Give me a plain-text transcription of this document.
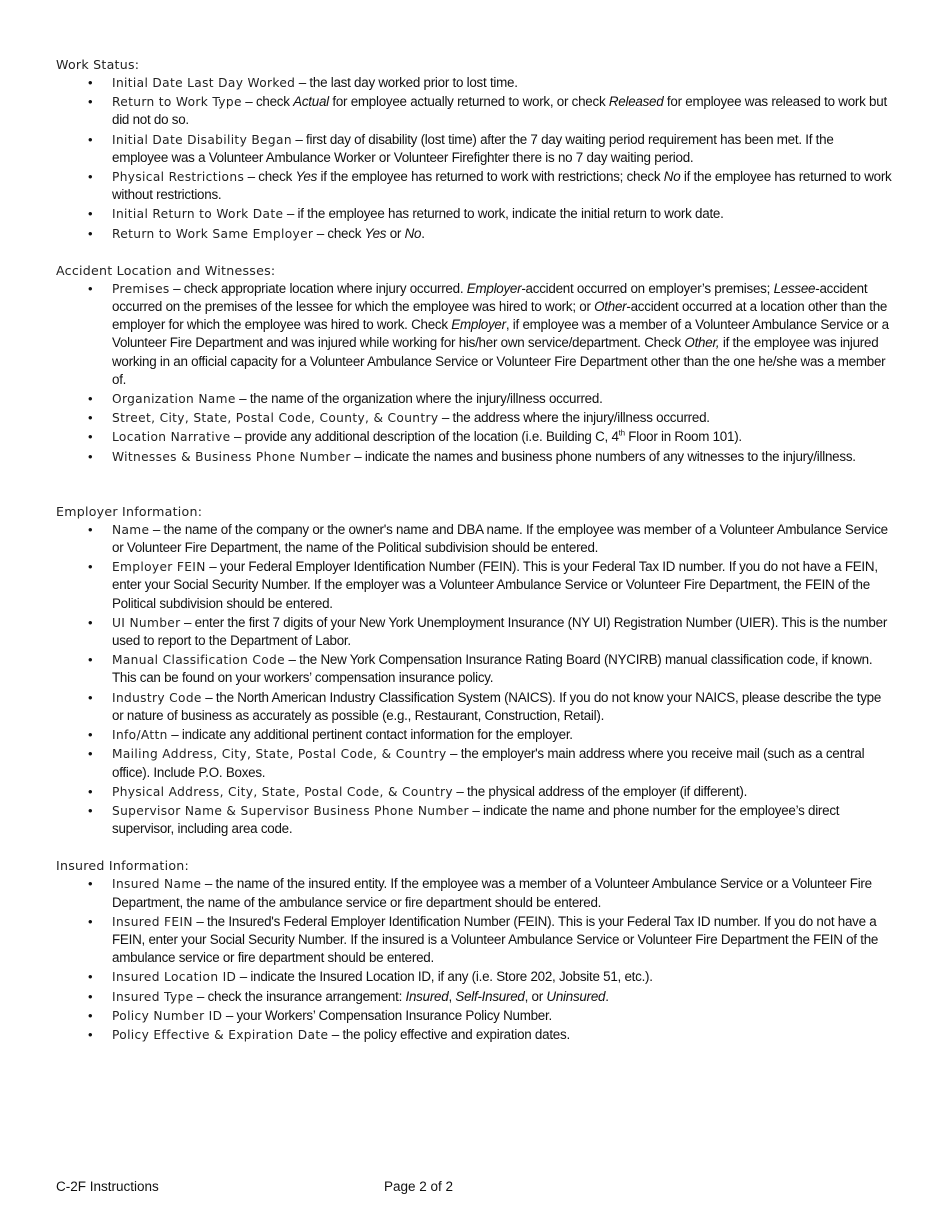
Work Status:

• Initial Date Last Day Worked – the last day worked prior to lost time.
• Return to Work Type – check Actual for employee actually returned to work, or check Released for employee was released to work but did not do so.
• Initial Date Disability Began – first day of disability (lost time) after the 7 day waiting period requirement has been met. If the employee was a Volunteer Ambulance Worker or Volunteer Firefighter there is no 7 day waiting period.
• Physical Restrictions – check Yes if the employee has returned to work with restrictions; check No if the employee has returned to work without restrictions.
• Initial Return to Work Date – if the employee has returned to work, indicate the initial return to work date.
• Return to Work Same Employer – check Yes or No.

Accident Location and Witnesses:

• Premises – check appropriate location where injury occurred. Employer-accident occurred on employer’s premises; Lessee-accident occurred on the premises of the lessee for which the employee was hired to work; or Other-accident occurred at a location other than the employer for which the employee was hired to work. Check Employer, if employee was a member of a Volunteer Ambulance Service or a Volunteer Fire Department and was injured while working for his/her own service/department. Check Other, if the employee was injured working in an official capacity for a Volunteer Ambulance Service or Volunteer Fire Department other than the one he/she was a member of.
• Organization Name – the name of the organization where the injury/illness occurred.
• Street, City, State, Postal Code, County, & Country – the address where the injury/illness occurred.
• Location Narrative – provide any additional description of the location (i.e. Building C, 4th Floor in Room 101).
• Witnesses & Business Phone Number – indicate the names and business phone numbers of any witnesses to the injury/illness.

Employer Information:

• Name – the name of the company or the owner's name and DBA name. If the employee was member of a Volunteer Ambulance Service or Volunteer Fire Department, the name of the Political subdivision should be entered.
• Employer FEIN – your Federal Employer Identification Number (FEIN). This is your Federal Tax ID number. If you do not have a FEIN, enter your Social Security Number. If the employer was a Volunteer Ambulance Service or Volunteer Fire Department, the FEIN of the Political subdivision should be entered.
• UI Number – enter the first 7 digits of your New York Unemployment Insurance (NY UI) Registration Number (UIER). This is the number used to report to the Department of Labor.
• Manual Classification Code – the New York Compensation Insurance Rating Board (NYCIRB) manual classification code, if known. This can be found on your workers’ compensation insurance policy.
• Industry Code – the North American Industry Classification System (NAICS). If you do not know your NAICS, please describe the type or nature of business as accurately as possible (e.g., Restaurant, Construction, Retail).
• Info/Attn – indicate any additional pertinent contact information for the employer.
• Mailing Address, City, State, Postal Code, & Country – the employer's main address where you receive mail (such as a central office). Include P.O. Boxes.
• Physical Address, City, State, Postal Code, & Country – the physical address of the employer (if different).
• Supervisor Name & Supervisor Business Phone Number – indicate the name and phone number for the employee’s direct supervisor, including area code.

Insured Information:

• Insured Name – the name of the insured entity. If the employee was a member of a Volunteer Ambulance Service or a Volunteer Fire Department, the name of the ambulance service or fire department should be entered.
• Insured FEIN – the Insured's Federal Employer Identification Number (FEIN). This is your Federal Tax ID number. If you do not have a FEIN, enter your Social Security Number. If the insured is a Volunteer Ambulance Service or Volunteer Fire Department the FEIN of the ambulance service or fire department should be entered.
• Insured Location ID – indicate the Insured Location ID, if any (i.e. Store 202, Jobsite 51, etc.).
• Insured Type – check the insurance arrangement: Insured, Self-Insured, or Uninsured.
• Policy Number ID – your Workers’ Compensation Insurance Policy Number.
• Policy Effective & Expiration Date – the policy effective and expiration dates.
C-2F Instructions	Page 2 of 2
